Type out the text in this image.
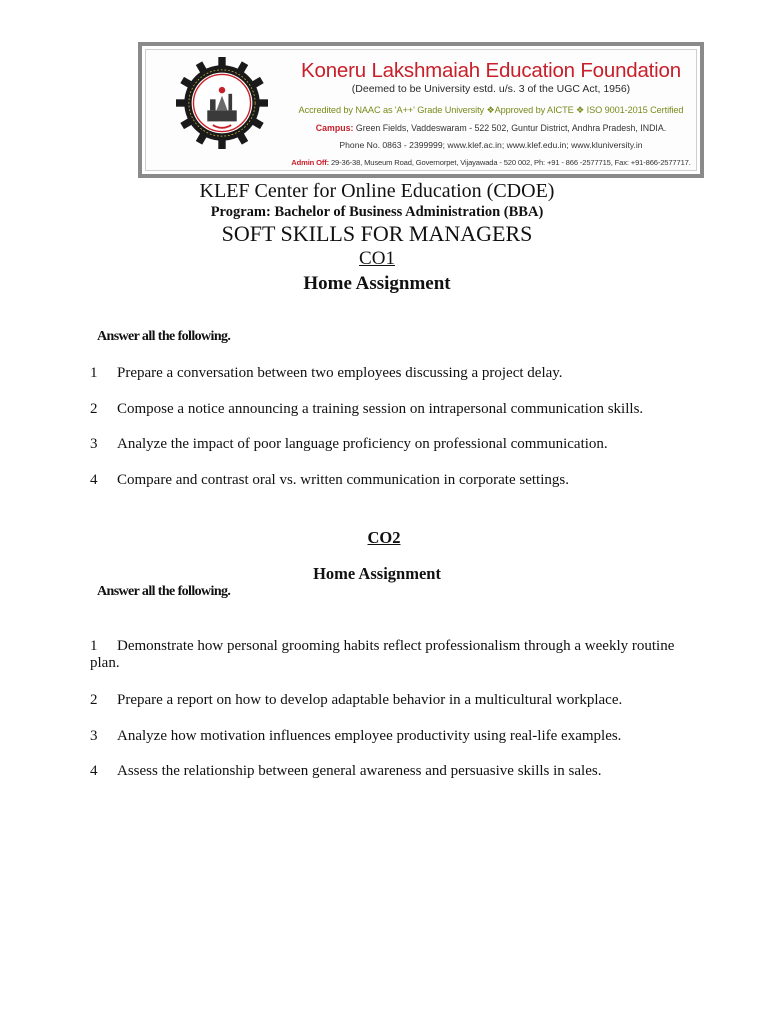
Koneru Lakshmaiah Education Foundation
(Deemed to be University estd. u/s. 3 of the UGC Act, 1956)
Accredited by NAAC as 'A++' Grade University ❖Approved by AICTE ❖ ISO 9001-2015 Certified
Campus: Green Fields, Vaddeswaram - 522 502, Guntur District, Andhra Pradesh, INDIA.
Phone No. 0863 - 2399999; www.klef.ac.in; www.klef.edu.in; www.kluniversity.in
Admin Off: 29-36-38, Museum Road, Governorpet, Vijayawada - 520 002, Ph: +91 - 866 -2577715, Fax: +91-866-2577717.
KLEF Center for Online Education (CDOE)
Program: Bachelor of Business Administration (BBA)
SOFT SKILLS FOR MANAGERS
CO1
Home Assignment
Answer all the following.
1 Prepare a conversation between two employees discussing a project delay.
2 Compose a notice announcing a training session on intrapersonal communication skills.
3 Analyze the impact of poor language proficiency on professional communication.
4 Compare and contrast oral vs. written communication in corporate settings.
CO2
Home Assignment
Answer all the following.
1 Demonstrate how personal grooming habits reflect professionalism through a weekly routine plan.
2 Prepare a report on how to develop adaptable behavior in a multicultural workplace.
3 Analyze how motivation influences employee productivity using real-life examples.
4 Assess the relationship between general awareness and persuasive skills in sales.
